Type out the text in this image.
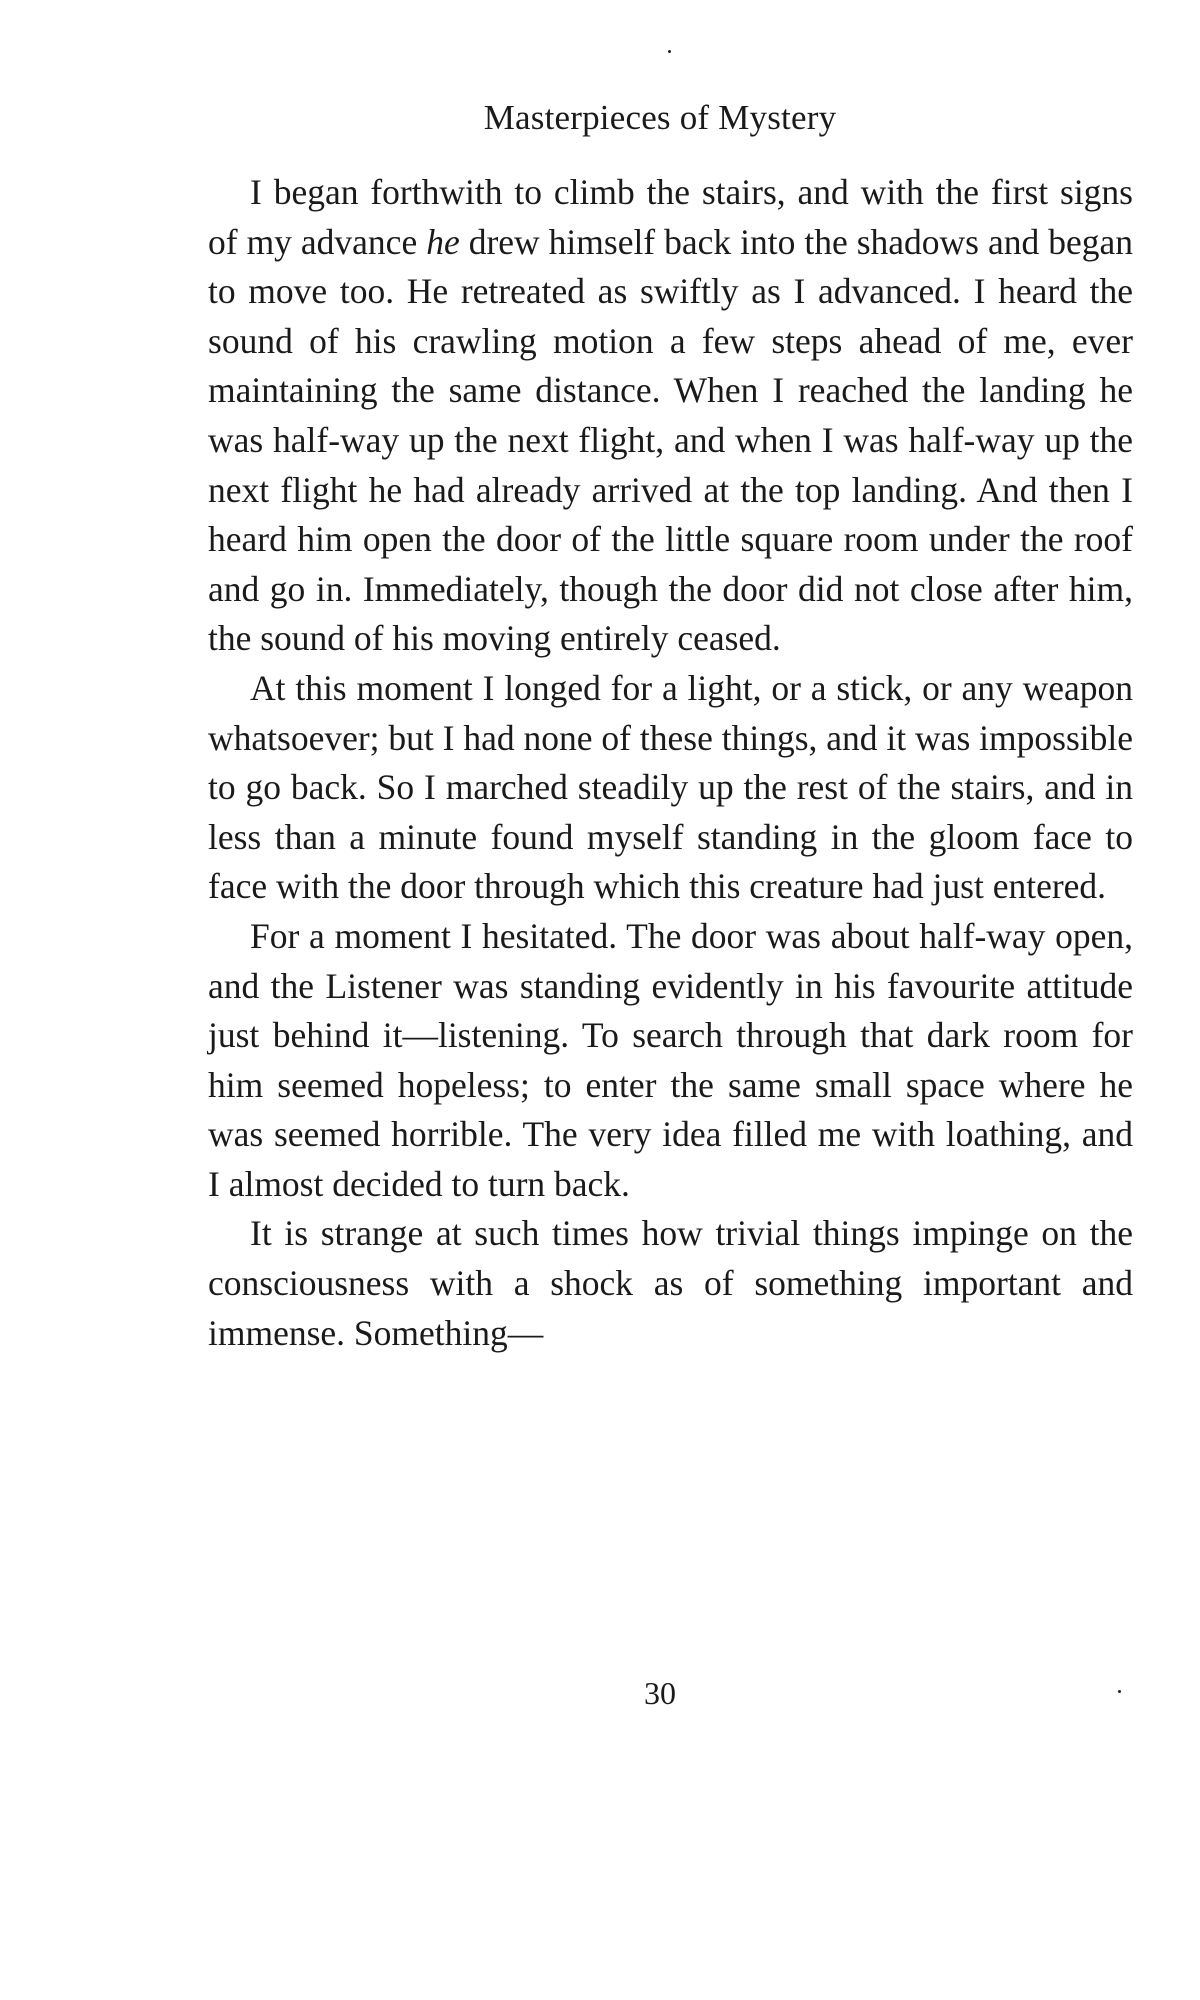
Masterpieces of Mystery

I began forthwith to climb the stairs, and with the first signs of my advance he drew himself back into the shadows and began to move too. He retreated as swiftly as I advanced. I heard the sound of his crawling motion a few steps ahead of me, ever maintaining the same distance. When I reached the landing he was half-way up the next flight, and when I was half-way up the next flight he had already arrived at the top landing. And then I heard him open the door of the little square room under the roof and go in. Immediately, though the door did not close after him, the sound of his moving entirely ceased.

At this moment I longed for a light, or a stick, or any weapon whatsoever; but I had none of these things, and it was impossible to go back. So I marched steadily up the rest of the stairs, and in less than a minute found myself standing in the gloom face to face with the door through which this creature had just entered.

For a moment I hesitated. The door was about half-way open, and the Listener was standing evidently in his favourite attitude just behind it—listening. To search through that dark room for him seemed hopeless; to enter the same small space where he was seemed horrible. The very idea filled me with loathing, and I almost decided to turn back.

It is strange at such times how trivial things impinge on the consciousness with a shock as of something important and immense. Something—

30
